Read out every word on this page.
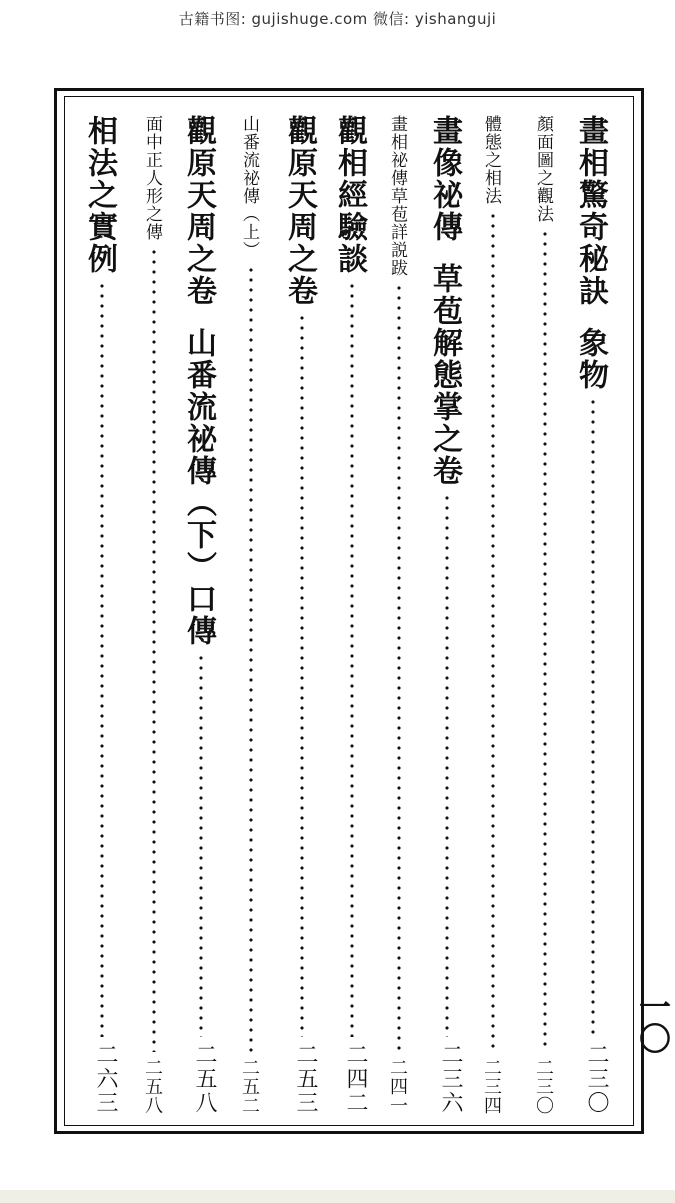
古籍书图: gujishuge.com 微信: yishanguji
一〇
畫相驚奇秘訣
象物
二三〇
顏面圖之觀法
二三〇
體態之相法
二三四
畫像祕傳
草苞解態掌之卷
二三六
畫相祕傳草苞詳説跋
二四一
觀相經驗談
二四二
觀原天周之卷
二五三
山番流祕傳（上）
二五二
觀原天周之卷
山番流祕傳（下）口傳
二五八
面中正人形之傳
二五八
相法之實例
二六三
